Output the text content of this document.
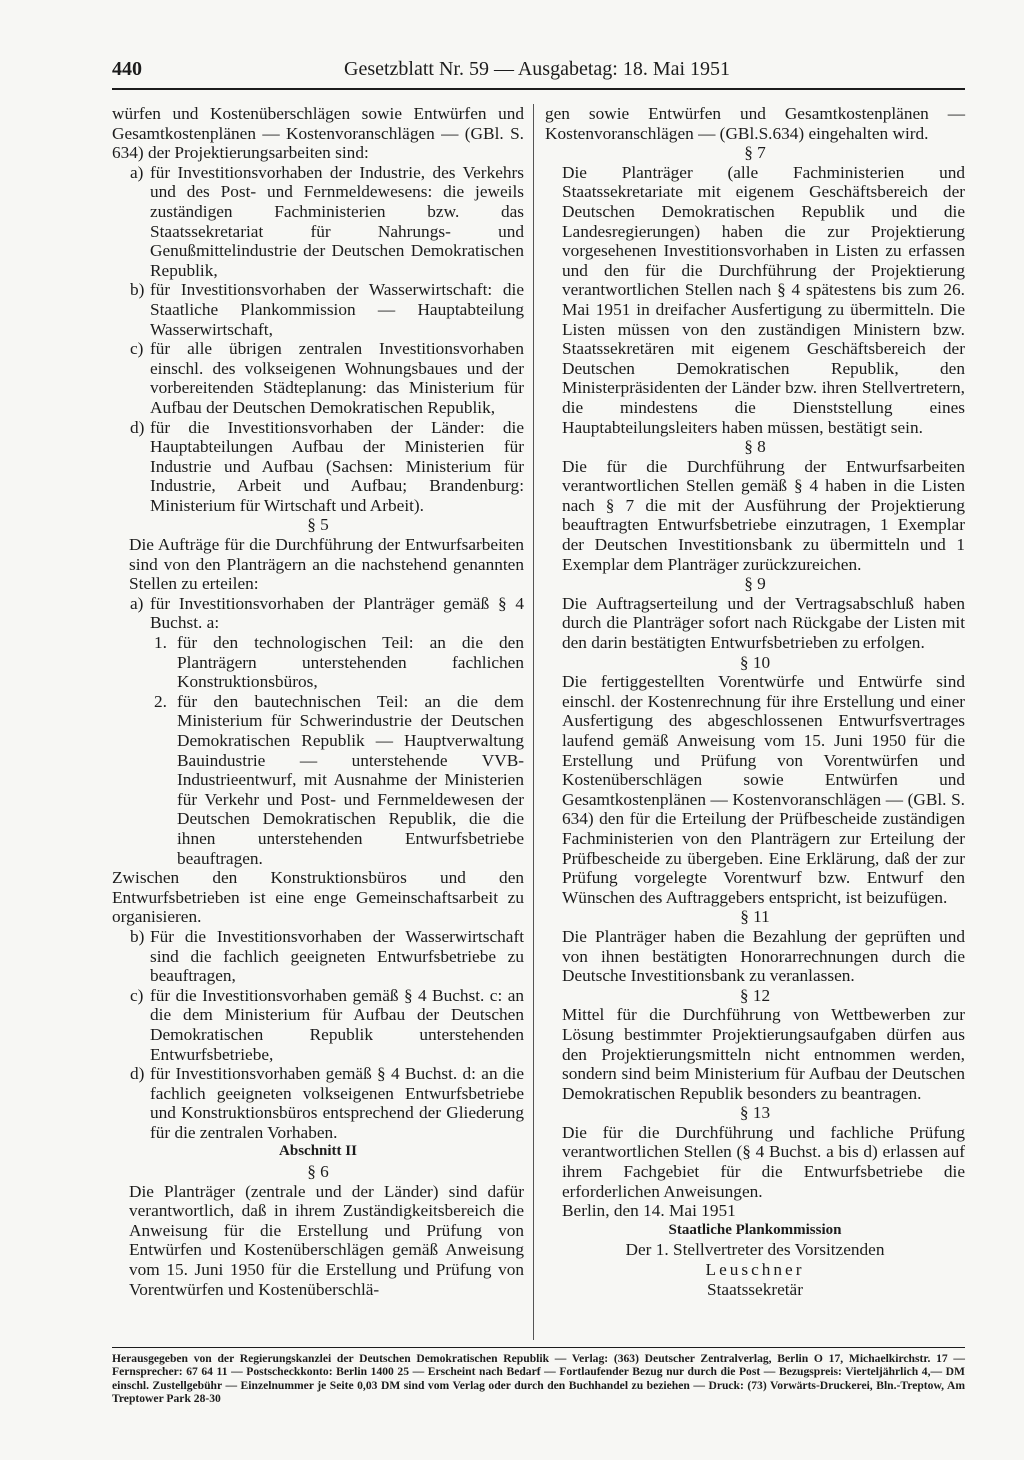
440	Gesetzblatt Nr. 59 — Ausgabetag: 18. Mai 1951

würfen und Kostenüberschlägen sowie Entwürfen und Gesamtkostenplänen — Kostenvoranschlägen — (GBl. S. 634) der Projektierungsarbeiten sind:

a) für Investitionsvorhaben der Industrie, des Verkehrs und des Post- und Fernmeldewesens: die jeweils zuständigen Fachministerien bzw. das Staatssekretariat für Nahrungs- und Genußmittelindustrie der Deutschen Demokratischen Republik,
b) für Investitionsvorhaben der Wasserwirtschaft: die Staatliche Plankommission — Hauptabteilung Wasserwirtschaft,
c) für alle übrigen zentralen Investitionsvorhaben einschl. des volkseigenen Wohnungsbaues und der vorbereitenden Städteplanung: das Ministerium für Aufbau der Deutschen Demokratischen Republik,
d) für die Investitionsvorhaben der Länder: die Hauptabteilungen Aufbau der Ministerien für Industrie und Aufbau (Sachsen: Ministerium für Industrie, Arbeit und Aufbau; Brandenburg: Ministerium für Wirtschaft und Arbeit).

§ 5

Die Aufträge für die Durchführung der Entwurfsarbeiten sind von den Planträgern an die nachstehend genannten Stellen zu erteilen:

a) für Investitionsvorhaben der Planträger gemäß § 4 Buchst. a:
1. für den technologischen Teil: an die den Planträgern unterstehenden fachlichen Konstruktionsbüros,
2. für den bautechnischen Teil: an die dem Ministerium für Schwerindustrie der Deutschen Demokratischen Republik — Hauptverwaltung Bauindustrie — unterstehende VVB-Industrieentwurf, mit Ausnahme der Ministerien für Verkehr und Post- und Fernmeldewesen der Deutschen Demokratischen Republik, die die ihnen unterstehenden Entwurfsbetriebe beauftragen.

Zwischen den Konstruktionsbüros und den Entwurfsbetrieben ist eine enge Gemeinschaftsarbeit zu organisieren.

b) Für die Investitionsvorhaben der Wasserwirtschaft sind die fachlich geeigneten Entwurfsbetriebe zu beauftragen,
c) für die Investitionsvorhaben gemäß § 4 Buchst. c: an die dem Ministerium für Aufbau der Deutschen Demokratischen Republik unterstehenden Entwurfsbetriebe,
d) für Investitionsvorhaben gemäß § 4 Buchst. d: an die fachlich geeigneten volkseigenen Entwurfsbetriebe und Konstruktionsbüros entsprechend der Gliederung für die zentralen Vorhaben.

Abschnitt II

§ 6

Die Planträger (zentrale und der Länder) sind dafür verantwortlich, daß in ihrem Zuständigkeitsbereich die Anweisung für die Erstellung und Prüfung von Entwürfen und Kostenüberschlägen gemäß Anweisung vom 15. Juni 1950 für die Erstellung und Prüfung von Vorentwürfen und Kostenüberschlä-

gen sowie Entwürfen und Gesamtkostenplänen — Kostenvoranschlägen — (GBl.S.634) eingehalten wird.

§ 7

Die Planträger (alle Fachministerien und Staatssekretariate mit eigenem Geschäftsbereich der Deutschen Demokratischen Republik und die Landesregierungen) haben die zur Projektierung vorgesehenen Investitionsvorhaben in Listen zu erfassen und den für die Durchführung der Projektierung verantwortlichen Stellen nach § 4 spätestens bis zum 26. Mai 1951 in dreifacher Ausfertigung zu übermitteln. Die Listen müssen von den zuständigen Ministern bzw. Staatssekretären mit eigenem Geschäftsbereich der Deutschen Demokratischen Republik, den Ministerpräsidenten der Länder bzw. ihren Stellvertretern, die mindestens die Dienststellung eines Hauptabteilungsleiters haben müssen, bestätigt sein.

§ 8

Die für die Durchführung der Entwurfsarbeiten verantwortlichen Stellen gemäß § 4 haben in die Listen nach § 7 die mit der Ausführung der Projektierung beauftragten Entwurfsbetriebe einzutragen, 1 Exemplar der Deutschen Investitionsbank zu übermitteln und 1 Exemplar dem Planträger zurückzureichen.

§ 9

Die Auftragserteilung und der Vertragsabschluß haben durch die Planträger sofort nach Rückgabe der Listen mit den darin bestätigten Entwurfsbetrieben zu erfolgen.

§ 10

Die fertiggestellten Vorentwürfe und Entwürfe sind einschl. der Kostenrechnung für ihre Erstellung und einer Ausfertigung des abgeschlossenen Entwurfsvertrages laufend gemäß Anweisung vom 15. Juni 1950 für die Erstellung und Prüfung von Vorentwürfen und Kostenüberschlägen sowie Entwürfen und Gesamtkostenplänen — Kostenvoranschlägen — (GBl. S. 634) den für die Erteilung der Prüfbescheide zuständigen Fachministerien von den Planträgern zur Erteilung der Prüfbescheide zu übergeben. Eine Erklärung, daß der zur Prüfung vorgelegte Vorentwurf bzw. Entwurf den Wünschen des Auftraggebers entspricht, ist beizufügen.

§ 11

Die Planträger haben die Bezahlung der geprüften und von ihnen bestätigten Honorarrechnungen durch die Deutsche Investitionsbank zu veranlassen.

§ 12

Mittel für die Durchführung von Wettbewerben zur Lösung bestimmter Projektierungsaufgaben dürfen aus den Projektierungsmitteln nicht entnommen werden, sondern sind beim Ministerium für Aufbau der Deutschen Demokratischen Republik besonders zu beantragen.

§ 13

Die für die Durchführung und fachliche Prüfung verantwortlichen Stellen (§ 4 Buchst. a bis d) erlassen auf ihrem Fachgebiet für die Entwurfsbetriebe die erforderlichen Anweisungen.

Berlin, den 14. Mai 1951

Staatliche Plankommission

Der 1. Stellvertreter des Vorsitzenden

Leuschner

Staatssekretär

Herausgegeben von der Regierungskanzlei der Deutschen Demokratischen Republik — Verlag: (363) Deutscher Zentralverlag, Berlin O 17, Michaelkirchstr. 17 — Fernsprecher: 67 64 11 — Postscheckkonto: Berlin 1400 25 — Erscheint nach Bedarf — Fortlaufender Bezug nur durch die Post — Bezugspreis: Vierteljährlich 4,— DM einschl. Zustellgebühr — Einzelnummer je Seite 0,03 DM sind vom Verlag oder durch den Buchhandel zu beziehen — Druck: (73) Vorwärts-Druckerei, Bln.-Treptow, Am Treptower Park 28-30
